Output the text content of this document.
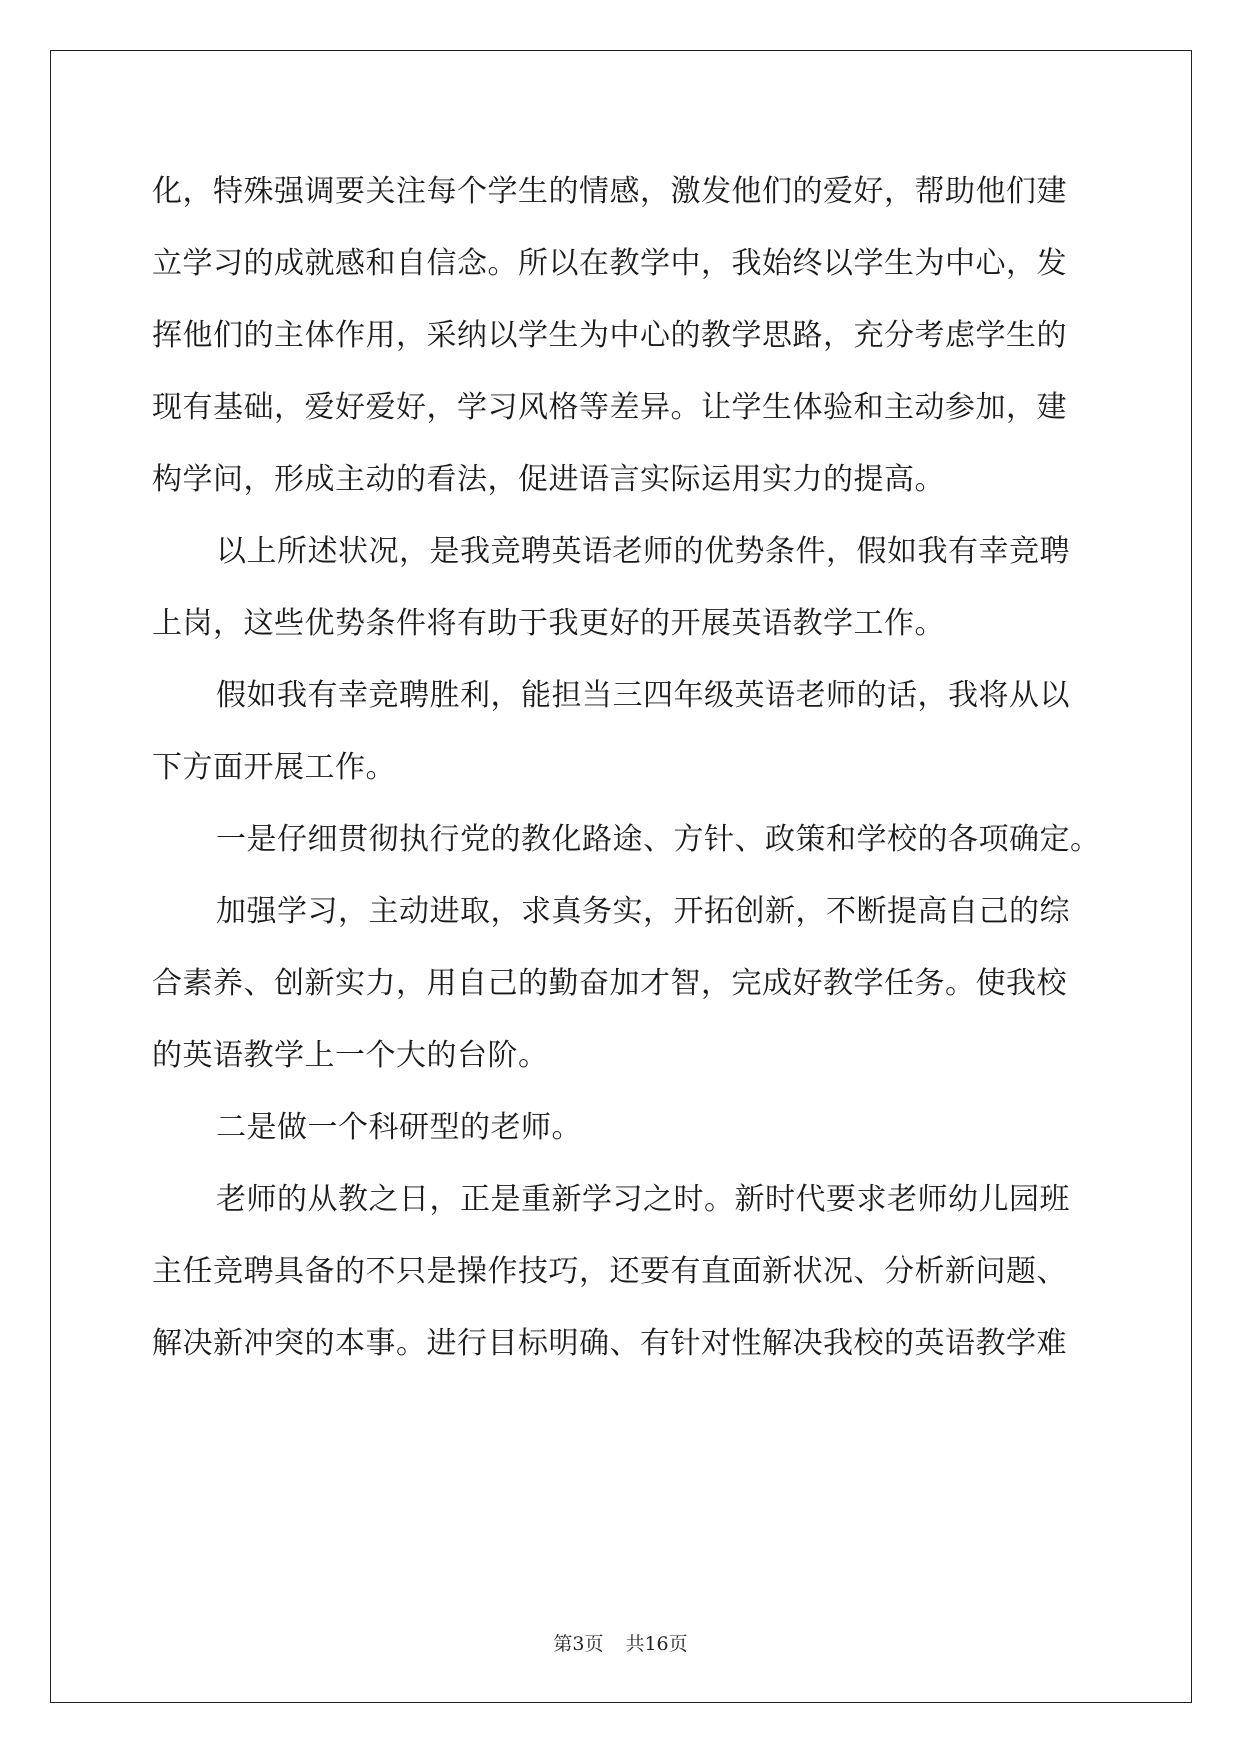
化，特殊强调要关注每个学生的情感，激发他们的爱好，帮助他们建
立学习的成就感和自信念。所以在教学中，我始终以学生为中心，发
挥他们的主体作用，采纳以学生为中心的教学思路，充分考虑学生的
现有基础，爱好爱好，学习风格等差异。让学生体验和主动参加，建
构学问，形成主动的看法，促进语言实际运用实力的提高。
以上所述状况，是我竞聘英语老师的优势条件，假如我有幸竞聘
上岗，这些优势条件将有助于我更好的开展英语教学工作。
假如我有幸竞聘胜利，能担当三四年级英语老师的话，我将从以
下方面开展工作。
一是仔细贯彻执行党的教化路途、方针、政策和学校的各项确定。
加强学习，主动进取，求真务实，开拓创新，不断提高自己的综
合素养、创新实力，用自己的勤奋加才智，完成好教学任务。使我校
的英语教学上一个大的台阶。
二是做一个科研型的老师。
老师的从教之日，正是重新学习之时。新时代要求老师幼儿园班
主任竞聘具备的不只是操作技巧，还要有直面新状况、分析新问题、
解决新冲突的本事。进行目标明确、有针对性解决我校的英语教学难
第3页 共16页
